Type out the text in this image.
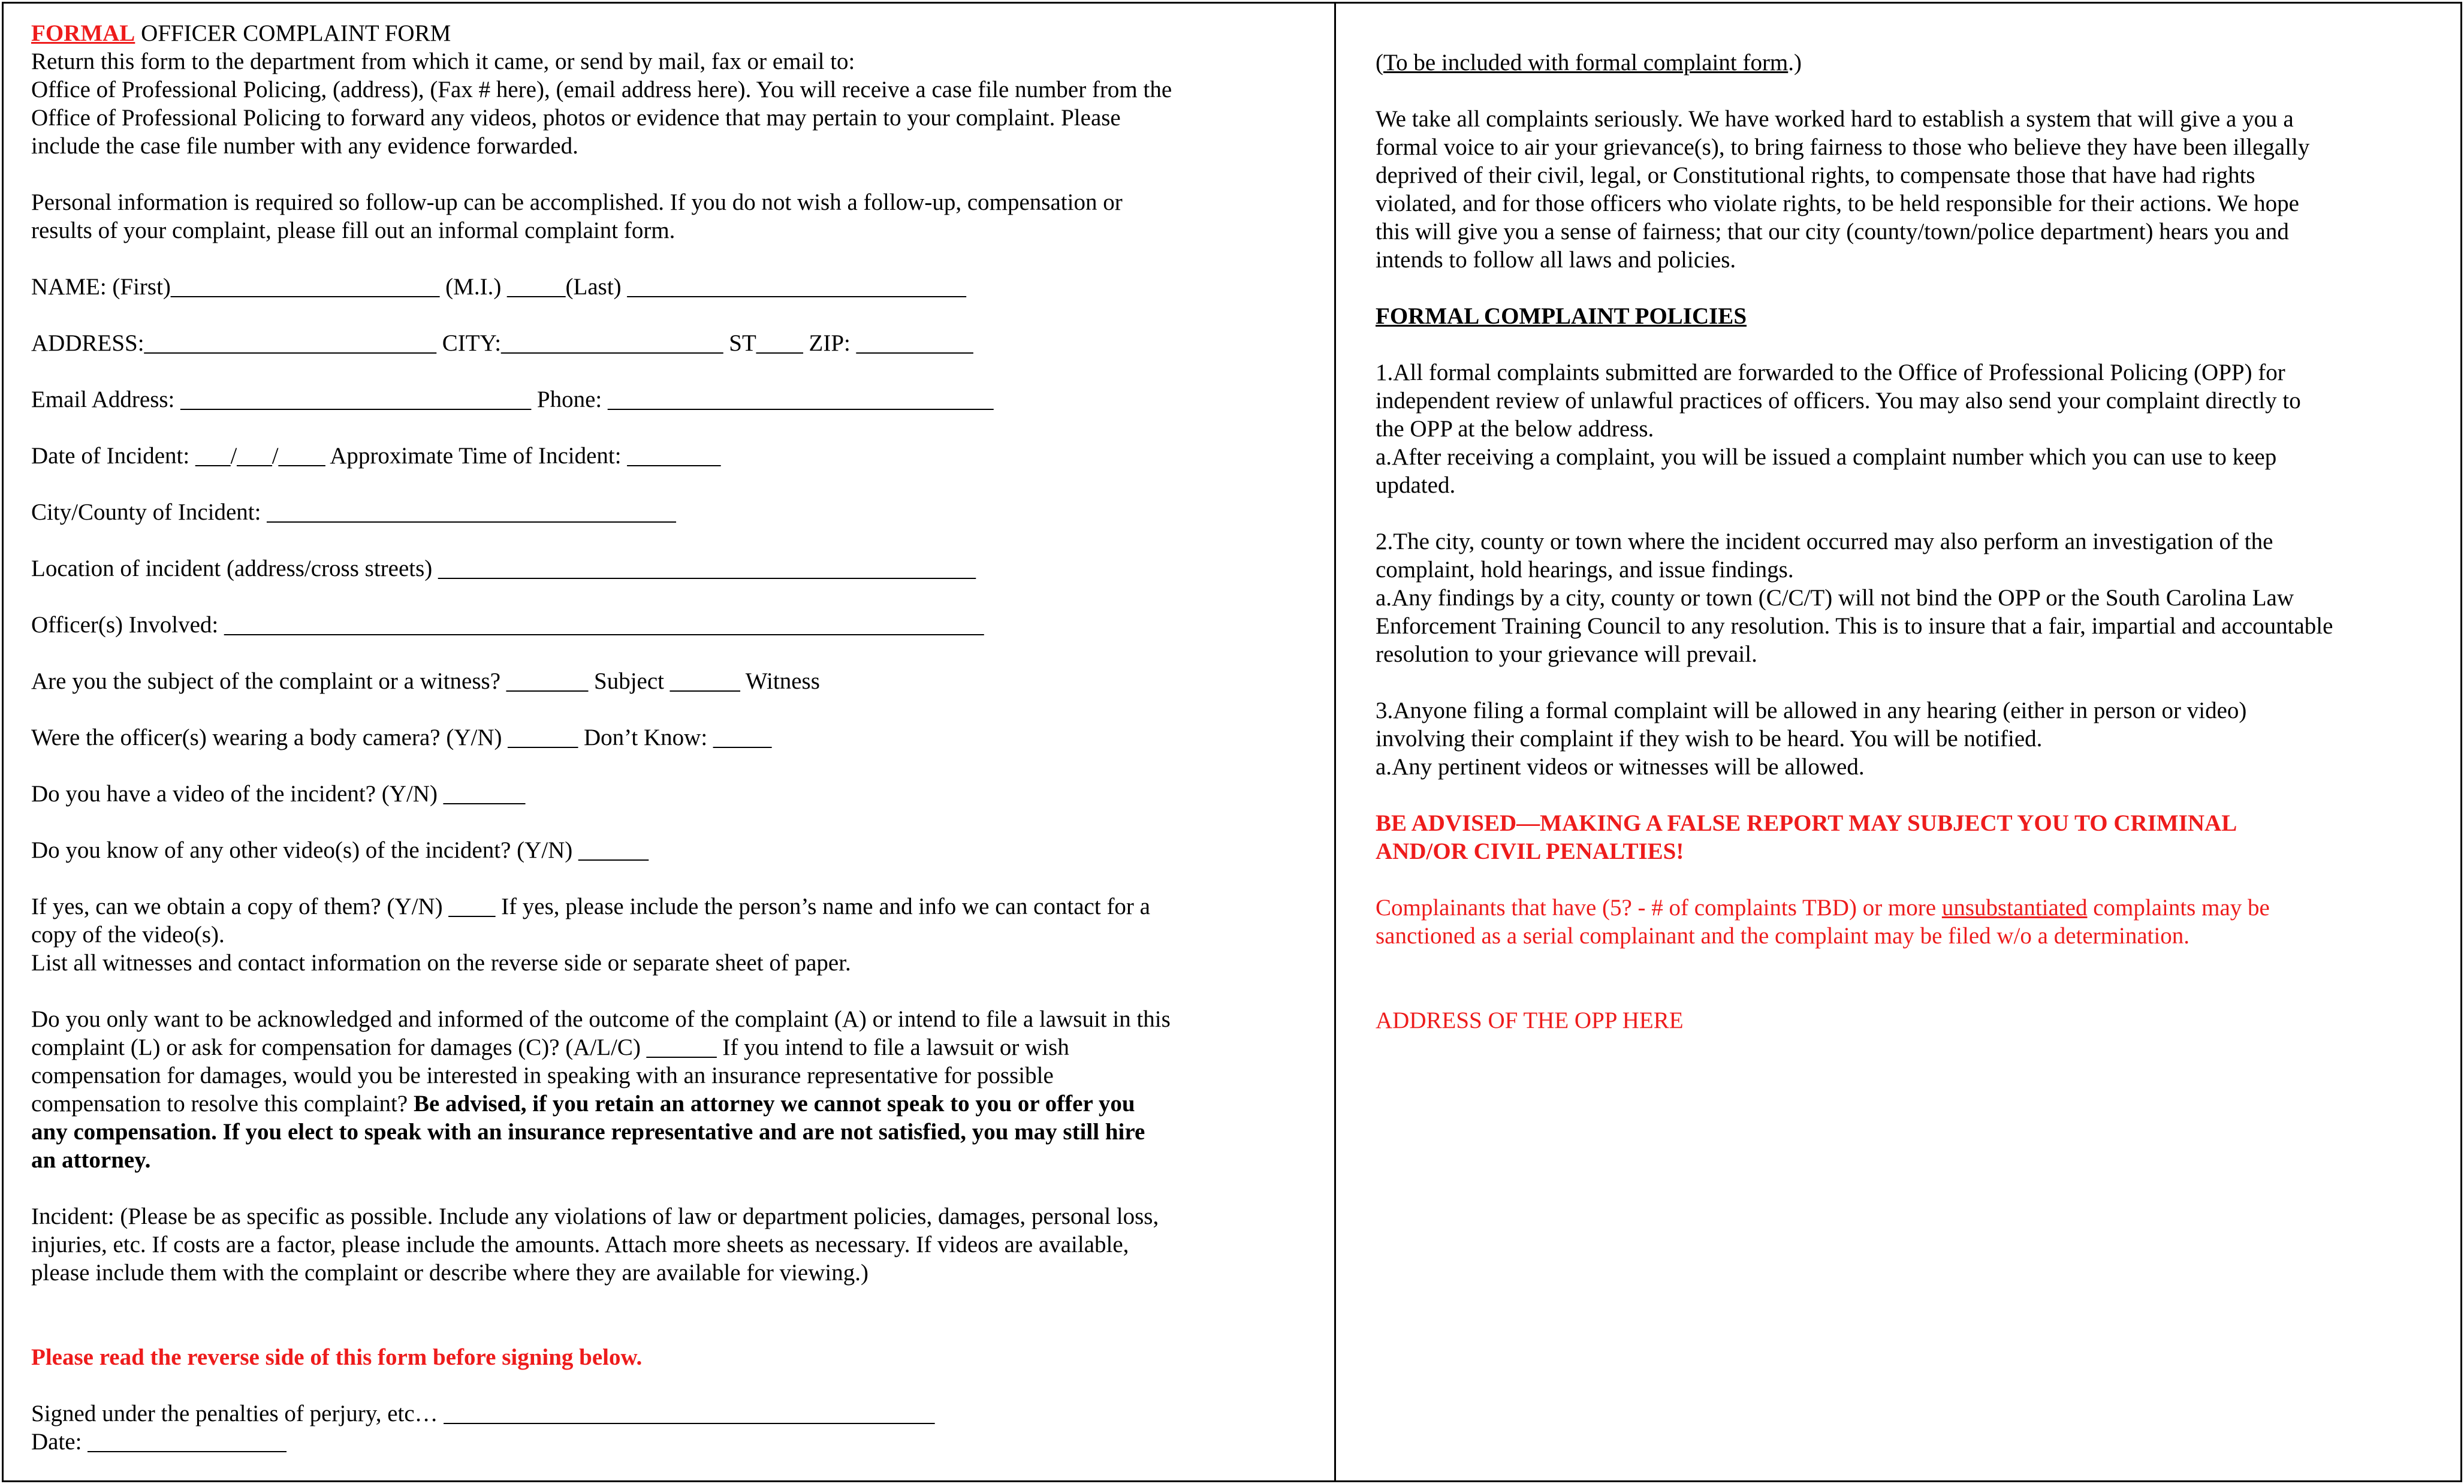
FORMAL OFFICER COMPLAINT FORM

Return this form to the department from which it came, or send by mail, fax or email to:

Office of Professional Policing, (address), (Fax # here), (email address here). You will receive a case file number from the

Office of Professional Policing to forward any videos, photos or evidence that may pertain to your complaint. Please

include the case file number with any evidence forwarded.

Personal information is required so follow-up can be accomplished. If you do not wish a follow-up, compensation or

results of your complaint, please fill out an informal complaint form.

NAME: (First)_______________________ (M.I.) _____(Last) _____________________________

ADDRESS:_________________________ CITY:___________________ ST____ ZIP: __________

Email Address: ______________________________ Phone: _________________________________

Date of Incident: ___/___/____ Approximate Time of Incident: ________

City/County of Incident: ___________________________________

Location of incident (address/cross streets) ______________________________________________

Officer(s) Involved: _________________________________________________________________

Are you the subject of the complaint or a witness? _______ Subject ______ Witness

Were the officer(s) wearing a body camera? (Y/N) ______ Don’t Know: _____

Do you have a video of the incident? (Y/N) _______

Do you know of any other video(s) of the incident? (Y/N) ______

If yes, can we obtain a copy of them? (Y/N) ____ If yes, please include the person’s name and info we can contact for a

copy of the video(s).

List all witnesses and contact information on the reverse side or separate sheet of paper.

Do you only want to be acknowledged and informed of the outcome of the complaint (A) or intend to file a lawsuit in this

complaint (L) or ask for compensation for damages (C)? (A/L/C) ______ If you intend to file a lawsuit or wish

compensation for damages, would you be interested in speaking with an insurance representative for possible

compensation to resolve this complaint? Be advised, if you retain an attorney we cannot speak to you or offer you

any compensation. If you elect to speak with an insurance representative and are not satisfied, you may still hire

an attorney.

Incident: (Please be as specific as possible. Include any violations of law or department policies, damages, personal loss,

injuries, etc. If costs are a factor, please include the amounts. Attach more sheets as necessary. If videos are available,

please include them with the complaint or describe where they are available for viewing.)

Please read the reverse side of this form before signing below.

Signed under the penalties of perjury, etc… __________________________________________

Date: _________________

(To be included with formal complaint form.)

We take all complaints seriously. We have worked hard to establish a system that will give a you a

formal voice to air your grievance(s), to bring fairness to those who believe they have been illegally

deprived of their civil, legal, or Constitutional rights, to compensate those that have had rights

violated, and for those officers who violate rights, to be held responsible for their actions. We hope

this will give you a sense of fairness; that our city (county/town/police department) hears you and

intends to follow all laws and policies.

FORMAL COMPLAINT POLICIES

1.All formal complaints submitted are forwarded to the Office of Professional Policing (OPP) for

independent review of unlawful practices of officers. You may also send your complaint directly to

the OPP at the below address.

a.After receiving a complaint, you will be issued a complaint number which you can use to keep

updated.

2.The city, county or town where the incident occurred may also perform an investigation of the

complaint, hold hearings, and issue findings.

a.Any findings by a city, county or town (C/C/T) will not bind the OPP or the South Carolina Law

Enforcement Training Council to any resolution. This is to insure that a fair, impartial and accountable

resolution to your grievance will prevail.

3.Anyone filing a formal complaint will be allowed in any hearing (either in person or video)

involving their complaint if they wish to be heard. You will be notified.

a.Any pertinent videos or witnesses will be allowed.

BE ADVISED—MAKING A FALSE REPORT MAY SUBJECT YOU TO CRIMINAL

AND/OR CIVIL PENALTIES!

Complainants that have (5? - # of complaints TBD) or more unsubstantiated complaints may be

sanctioned as a serial complainant and the complaint may be filed w/o a determination.

ADDRESS OF THE OPP HERE
